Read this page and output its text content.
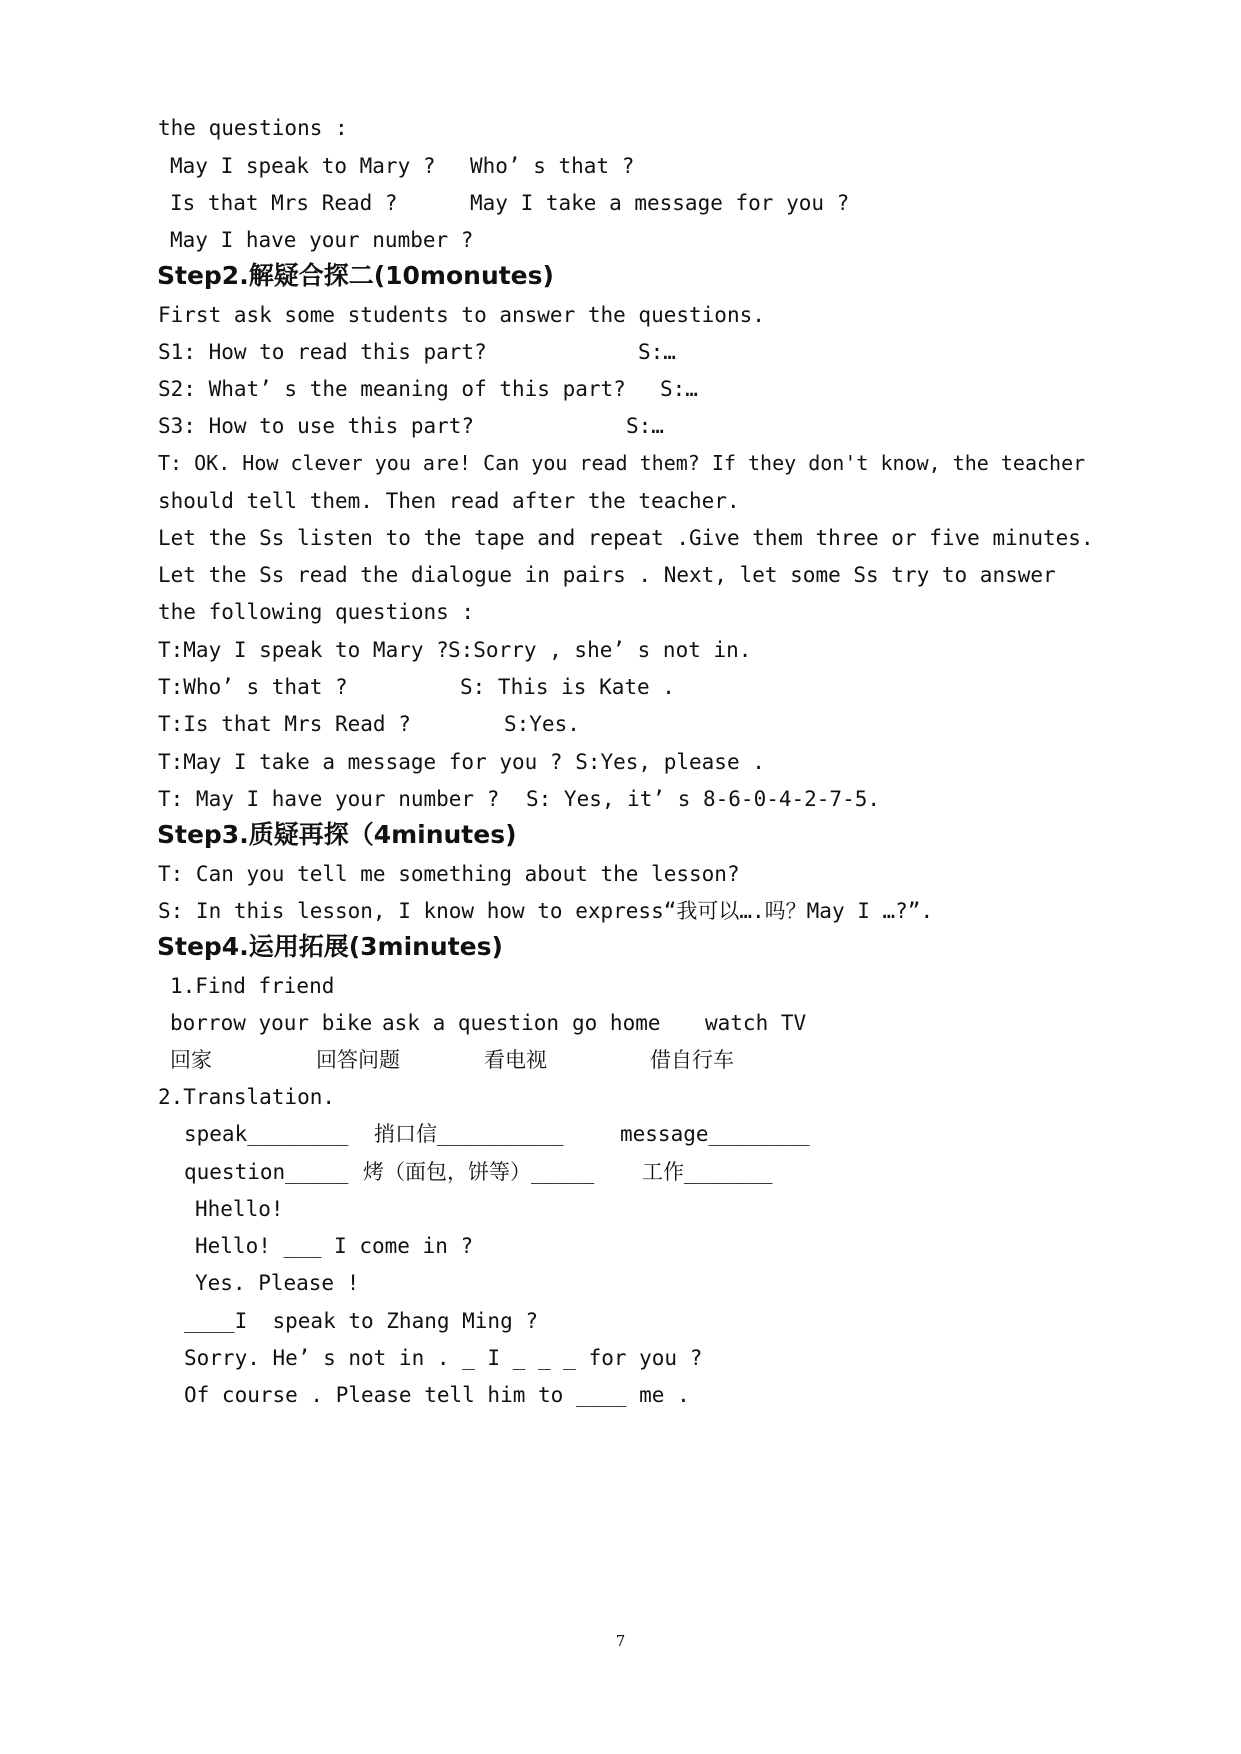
the questions :
May I speak to Mary ? Who’ s that ?
Is that Mrs Read ?	May I take a message for you ?
May I have your number ?
Step2.解疑合探二(10monutes)
First ask some students to answer the questions.
S1: How to read this part?	S:…
S2: What’ s the meaning of this part? S:…
S3: How to use this part?	S:…
T: OK. How clever you are! Can you read them? If they don't know, the teacher
should tell them. Then read after the teacher.
Let the Ss listen to the tape and repeat .Give them three or five minutes.
Let the Ss read the dialogue in pairs . Next, let some Ss try to answer
the following questions :
T:May I speak to Mary ? S:Sorry , she’ s not in.
T:Who’ s that ?	S: This is Kate .
T:Is that Mrs Read ?	S:Yes.
T:May I take a message for you ? S:Yes, please .
T: May I have your number ? S: Yes, it’ s 8-6-0-4-2-7-5.
Step3.质疑再探（4minutes)
T: Can you tell me something about the lesson?
S: In this lesson, I know how to express“我可以….吗？May I …?”.
Step4.运用拓展(3minutes)
1.Find friend
borrow your bike ask a question go home watch TV
回家	回答问题	看电视	借自行车
2.Translation.
speak________ 捎口信__________	message________
question_____ 烤（面包，饼等）_____ 工作_______
Hhello!
Hello! ___ I come in ?
Yes. Please !
____I  speak to Zhang Ming ?
Sorry. He’ s not in . _ I _ _ _ for you ?
Of course . Please tell him to ____ me .
7
